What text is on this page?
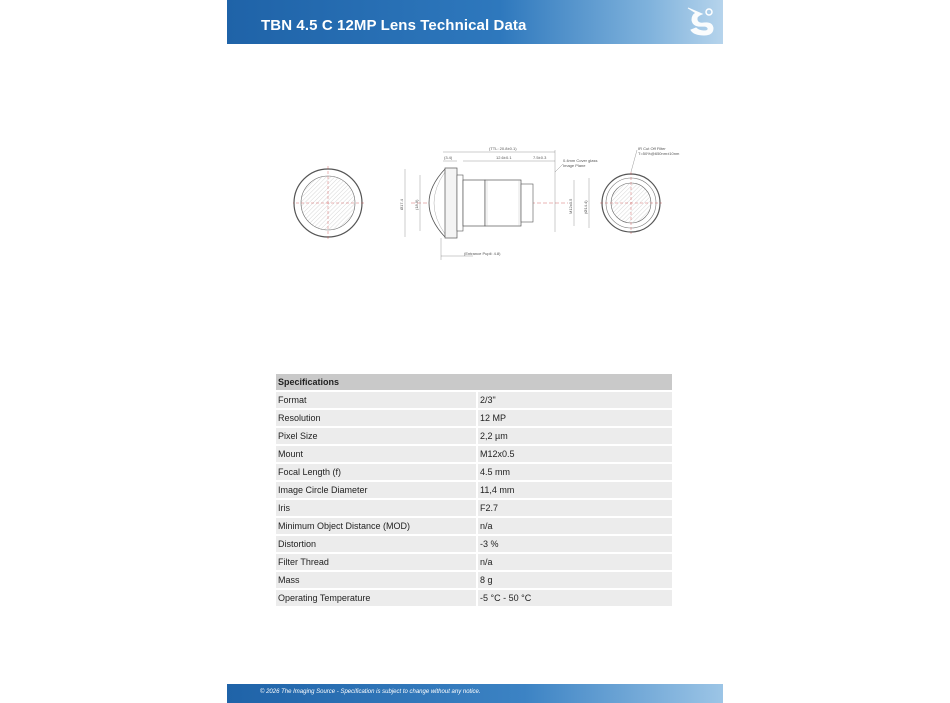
TBN 4.5 C 12MP Lens Technical Data
(TTL: 20.8±0.1)
(3.4)	12.6±0.1	7.5±0.3
0.4mm Cover glass
Image Plane
Ø17.4	(18.9)	M12x0.5	(Ø14.4)
(Entrance Pupil: 4.8)
IR Cut Off Filter
T=50%@650nm±10nm
Specifications	
Format	2/3"
Resolution	12 MP
Pixel Size	2,2 µm
Mount	M12x0.5
Focal Length (f)	4.5 mm
Image Circle Diameter	11,4 mm
Iris	F2.7
Minimum Object Distance (MOD)	n/a
Distortion	-3 %
Filter Thread	n/a
Mass	8 g
Operating Temperature	-5 °C - 50 °C
© 2026 The Imaging Source - Specification is subject to change without any notice.
